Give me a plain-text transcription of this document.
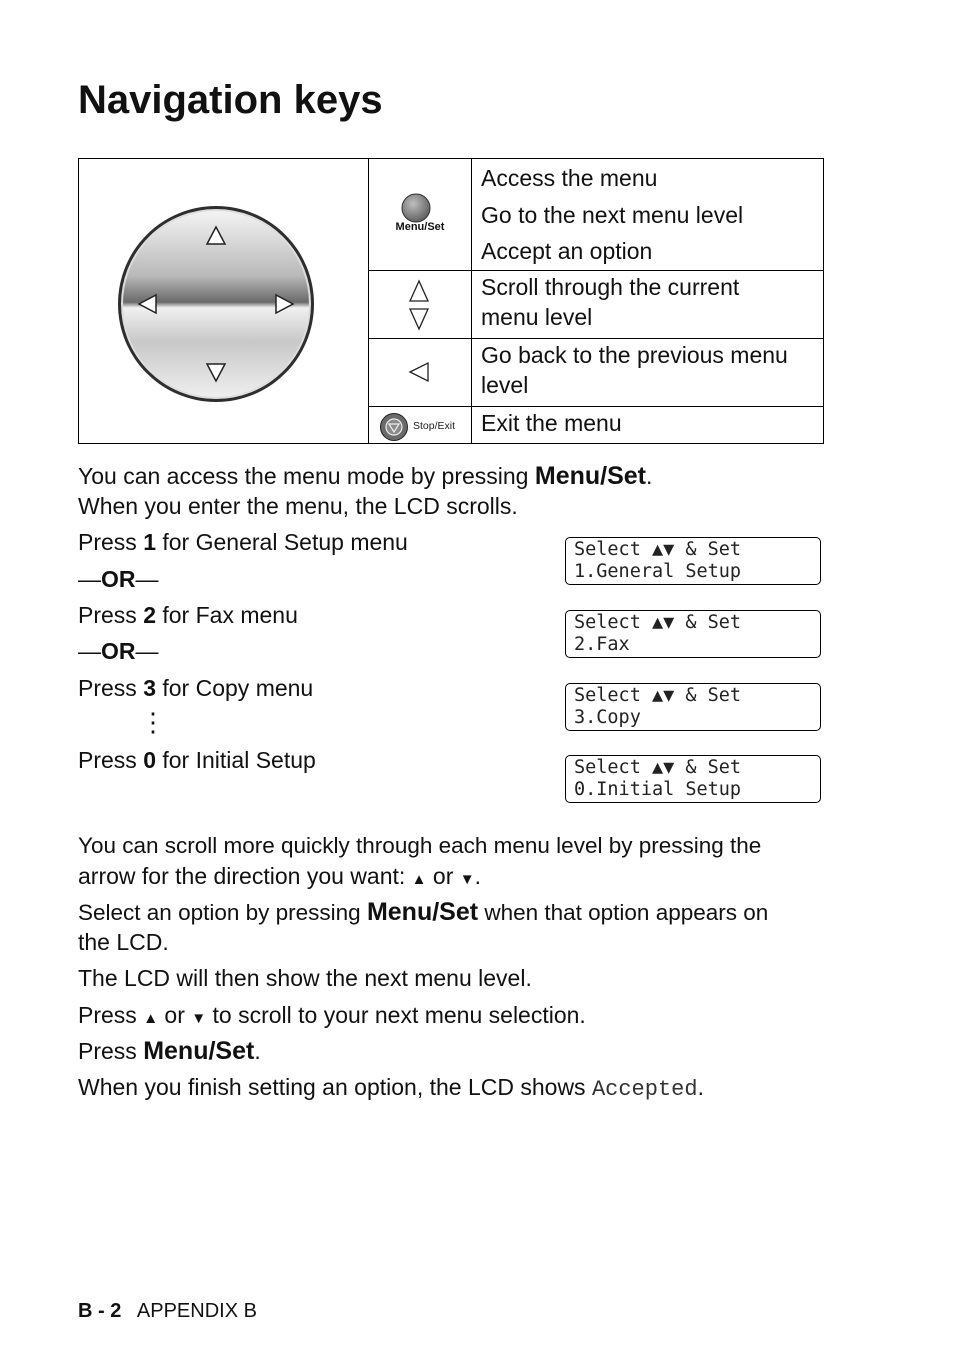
Navigation keys
Menu/Set
Stop/Exit
Access the menu
Go to the next menu level
Accept an option
Scroll through the current
menu level
Go back to the previous menu
level
Exit the menu
You can access the menu mode by pressing Menu/Set.
When you enter the menu, the LCD scrolls.
Press 1 for General Setup menu
—OR—
Press 2 for Fax menu
—OR—
Press 3 for Copy menu
⋮
Press 0 for Initial Setup
Select ▲▼ & Set
1.General Setup
Select ▲▼ & Set
2.Fax
Select ▲▼ & Set
3.Copy
Select ▲▼ & Set
0.Initial Setup
You can scroll more quickly through each menu level by pressing the
arrow for the direction you want: ▲ or ▼.
Select an option by pressing Menu/Set when that option appears on
the LCD.
The LCD will then show the next menu level.
Press ▲ or ▼ to scroll to your next menu selection.
Press Menu/Set.
When you finish setting an option, the LCD shows Accepted.
B - 2 APPENDIX B
